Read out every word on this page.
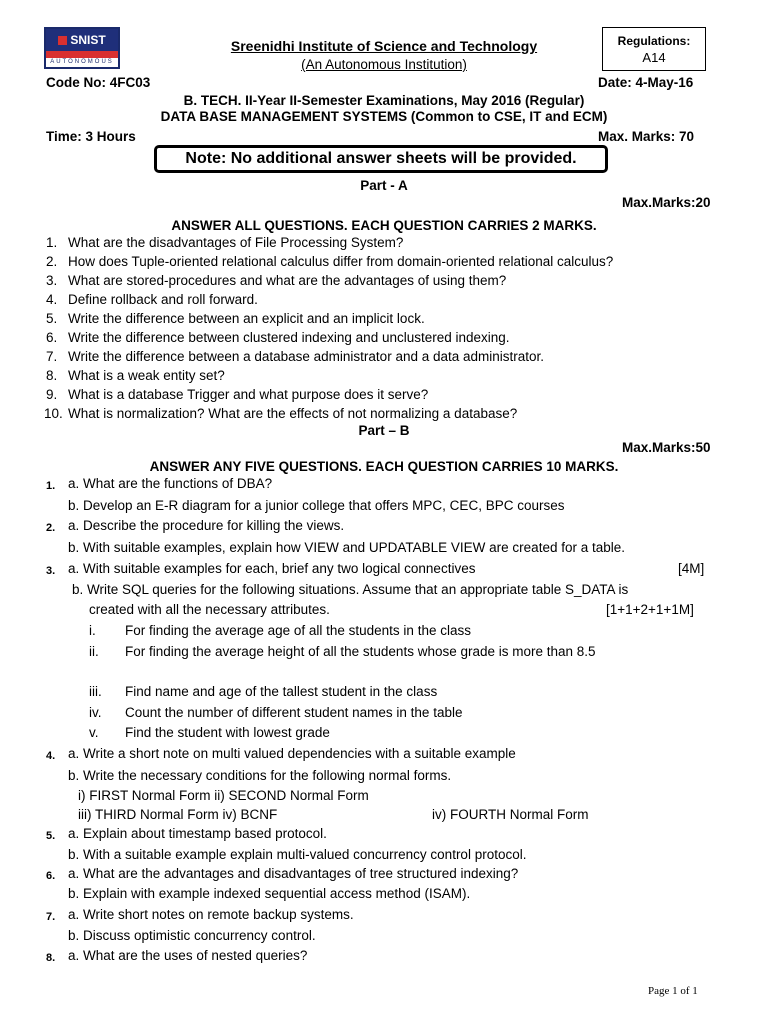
SNIST
AUTONOMOUS
Sreenidhi Institute of Science and Technology
(An Autonomous Institution)
Regulations:
A14
Code No: 4FC03	Date: 4-May-16
B. TECH. II-Year II-Semester Examinations, May 2016 (Regular)
DATA BASE MANAGEMENT SYSTEMS (Common to CSE, IT and ECM)
Time: 3 Hours	Max. Marks: 70
Note: No additional answer sheets will be provided.
Part - A
Max.Marks:20
ANSWER ALL QUESTIONS. EACH QUESTION CARRIES 2 MARKS.
1. What are the disadvantages of File Processing System?
2. How does Tuple-oriented relational calculus differ from domain-oriented relational calculus?
3. What are stored-procedures and what are the advantages of using them?
4. Define rollback and roll forward.
5. Write the difference between an explicit and an implicit lock.
6. Write the difference between clustered indexing and unclustered indexing.
7. Write the difference between a database administrator and a data administrator.
8. What is a weak entity set?
9. What is a database Trigger and what purpose does it serve?
10. What is normalization? What are the effects of not normalizing a database?
Part – B
Max.Marks:50
ANSWER ANY FIVE QUESTIONS. EACH QUESTION CARRIES 10 MARKS.
1. a. What are the functions of DBA?
b. Develop an E-R diagram for a junior college that offers MPC, CEC, BPC courses
2. a. Describe the procedure for killing the views.
b. With suitable examples, explain how VIEW and UPDATABLE VIEW are created for a table.
3. a. With suitable examples for each, brief any two logical connectives	[4M]
b. Write SQL queries for the following situations. Assume that an appropriate table S_DATA is
created with all the necessary attributes.	[1+1+2+1+1M]
i. For finding the average age of all the students in the class
ii. For finding the average height of all the students whose grade is more than 8.5
iii. Find name and age of the tallest student in the class
iv. Count the number of different student names in the table
v. Find the student with lowest grade
4. a. Write a short note on multi valued dependencies with a suitable example
b. Write the necessary conditions for the following normal forms.
i) FIRST Normal Form ii) SECOND Normal Form
iii) THIRD Normal Form iv) BCNF	iv) FOURTH Normal Form
5. a. Explain about timestamp based protocol.
b. With a suitable example explain multi-valued concurrency control protocol.
6. a. What are the advantages and disadvantages of tree structured indexing?
b. Explain with example indexed sequential access method (ISAM).
7. a. Write short notes on remote backup systems.
b. Discuss optimistic concurrency control.
8. a. What are the uses of nested queries?
Page 1 of 1
